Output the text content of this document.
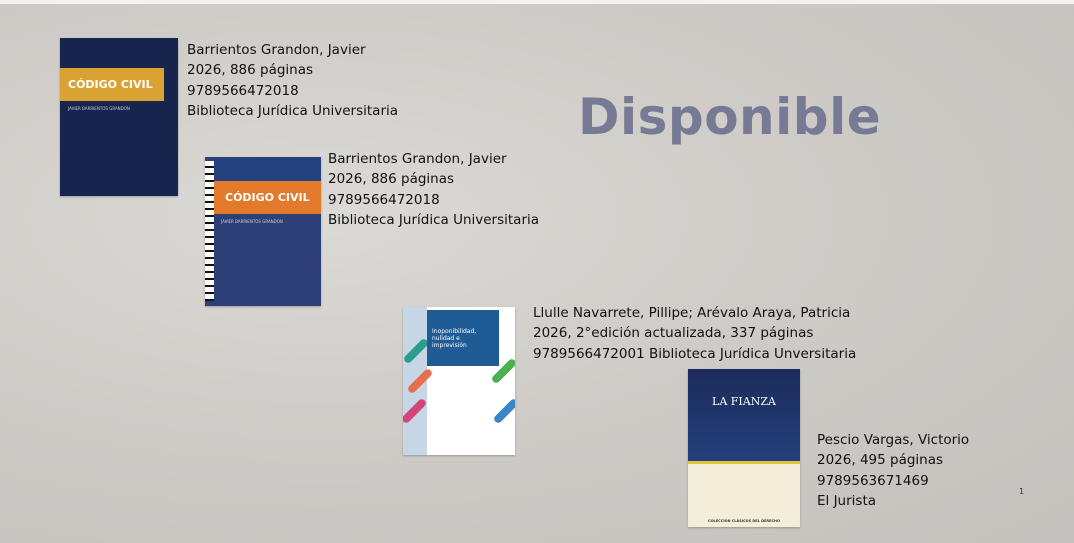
Disponible
CÓDIGO CIVIL
JAVIER BARRIENTOS GRANDON
Barrientos Grandon, Javier
2026, 886 páginas
9789566472018
Biblioteca Jurídica Universitaria
CÓDIGO CIVIL
JAVIER BARRIENTOS GRANDON
Barrientos Grandon, Javier
2026, 886 páginas
9789566472018
Biblioteca Jurídica Universitaria
Inoponibilidad, nulidad e imprevisión
Llulle Navarrete, Pillipe; Arévalo Araya, Patricia
2026, 2°edición actualizada, 337 páginas
9789566472001 Biblioteca Jurídica Unversitaria
LA FIANZA
COLECCIÓN CLÁSICOS DEL DERECHO
Pescio Vargas, Victorio
2026, 495 páginas
9789563671469
El Jurista
1
